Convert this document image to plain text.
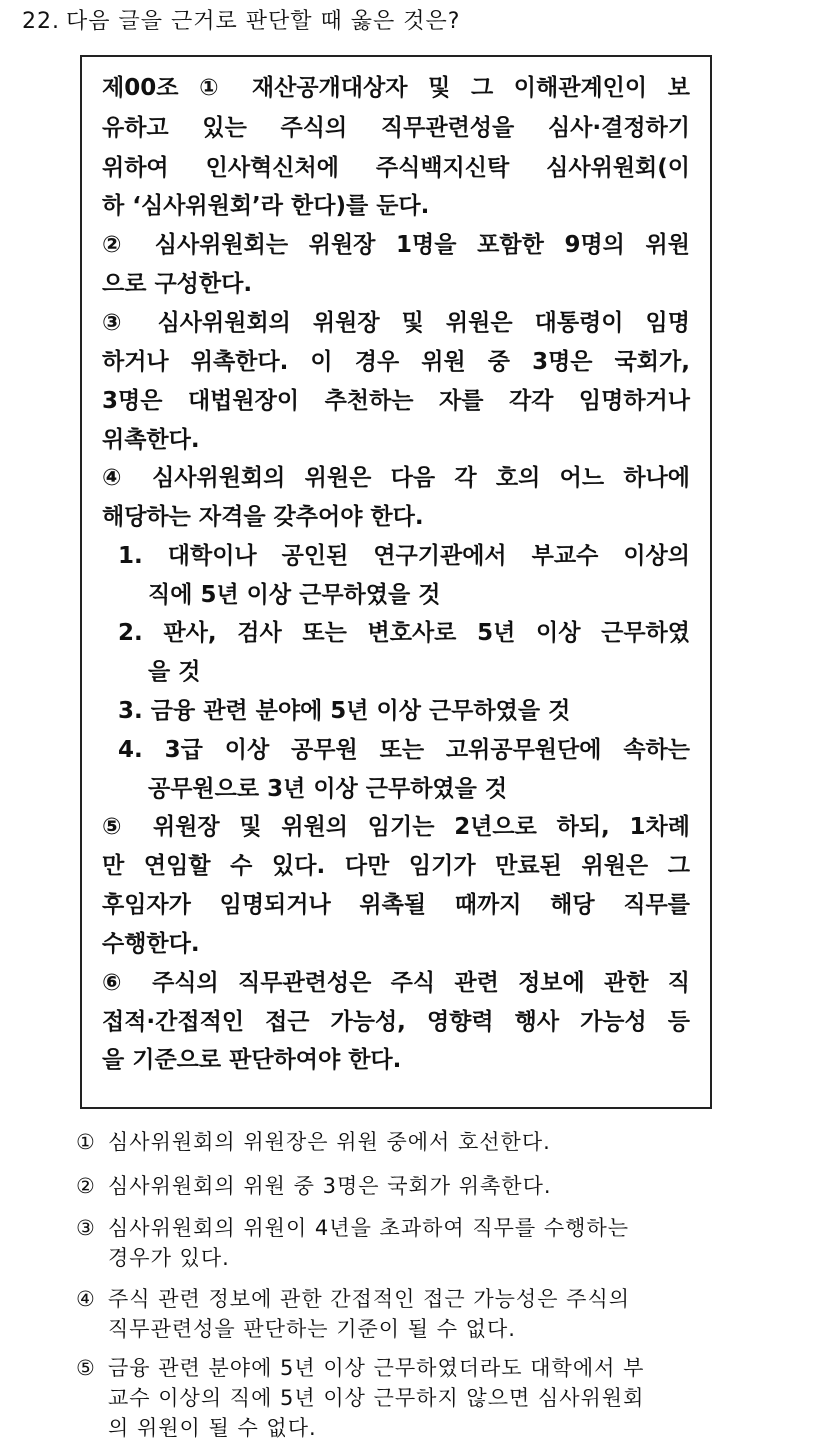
22. 다음 글을 근거로 판단할 때 옳은 것은?
제00조 ① 재산공개대상자 및 그 이해관계인이 보
유하고 있는 주식의 직무관련성을 심사·결정하기
위하여 인사혁신처에 주식백지신탁 심사위원회(이
하 ‘심사위원회’라 한다)를 둔다.
② 심사위원회는 위원장 1명을 포함한 9명의 위원
으로 구성한다.
③ 심사위원회의 위원장 및 위원은 대통령이 임명
하거나 위촉한다. 이 경우 위원 중 3명은 국회가,
3명은 대법원장이 추천하는 자를 각각 임명하거나
위촉한다.
④ 심사위원회의 위원은 다음 각 호의 어느 하나에
해당하는 자격을 갖추어야 한다.
1. 대학이나 공인된 연구기관에서 부교수 이상의
직에 5년 이상 근무하였을 것
2. 판사, 검사 또는 변호사로 5년 이상 근무하였
을 것
3. 금융 관련 분야에 5년 이상 근무하였을 것
4. 3급 이상 공무원 또는 고위공무원단에 속하는
공무원으로 3년 이상 근무하였을 것
⑤ 위원장 및 위원의 임기는 2년으로 하되, 1차례
만 연임할 수 있다. 다만 임기가 만료된 위원은 그
후임자가 임명되거나 위촉될 때까지 해당 직무를
수행한다.
⑥ 주식의 직무관련성은 주식 관련 정보에 관한 직
접적·간접적인 접근 가능성, 영향력 행사 가능성 등
을 기준으로 판단하여야 한다.
① 심사위원회의 위원장은 위원 중에서 호선한다.
② 심사위원회의 위원 중 3명은 국회가 위촉한다.
③ 심사위원회의 위원이 4년을 초과하여 직무를 수행하는
경우가 있다.
④ 주식 관련 정보에 관한 간접적인 접근 가능성은 주식의
직무관련성을 판단하는 기준이 될 수 없다.
⑤ 금융 관련 분야에 5년 이상 근무하였더라도 대학에서 부
교수 이상의 직에 5년 이상 근무하지 않으면 심사위원회
의 위원이 될 수 없다.
